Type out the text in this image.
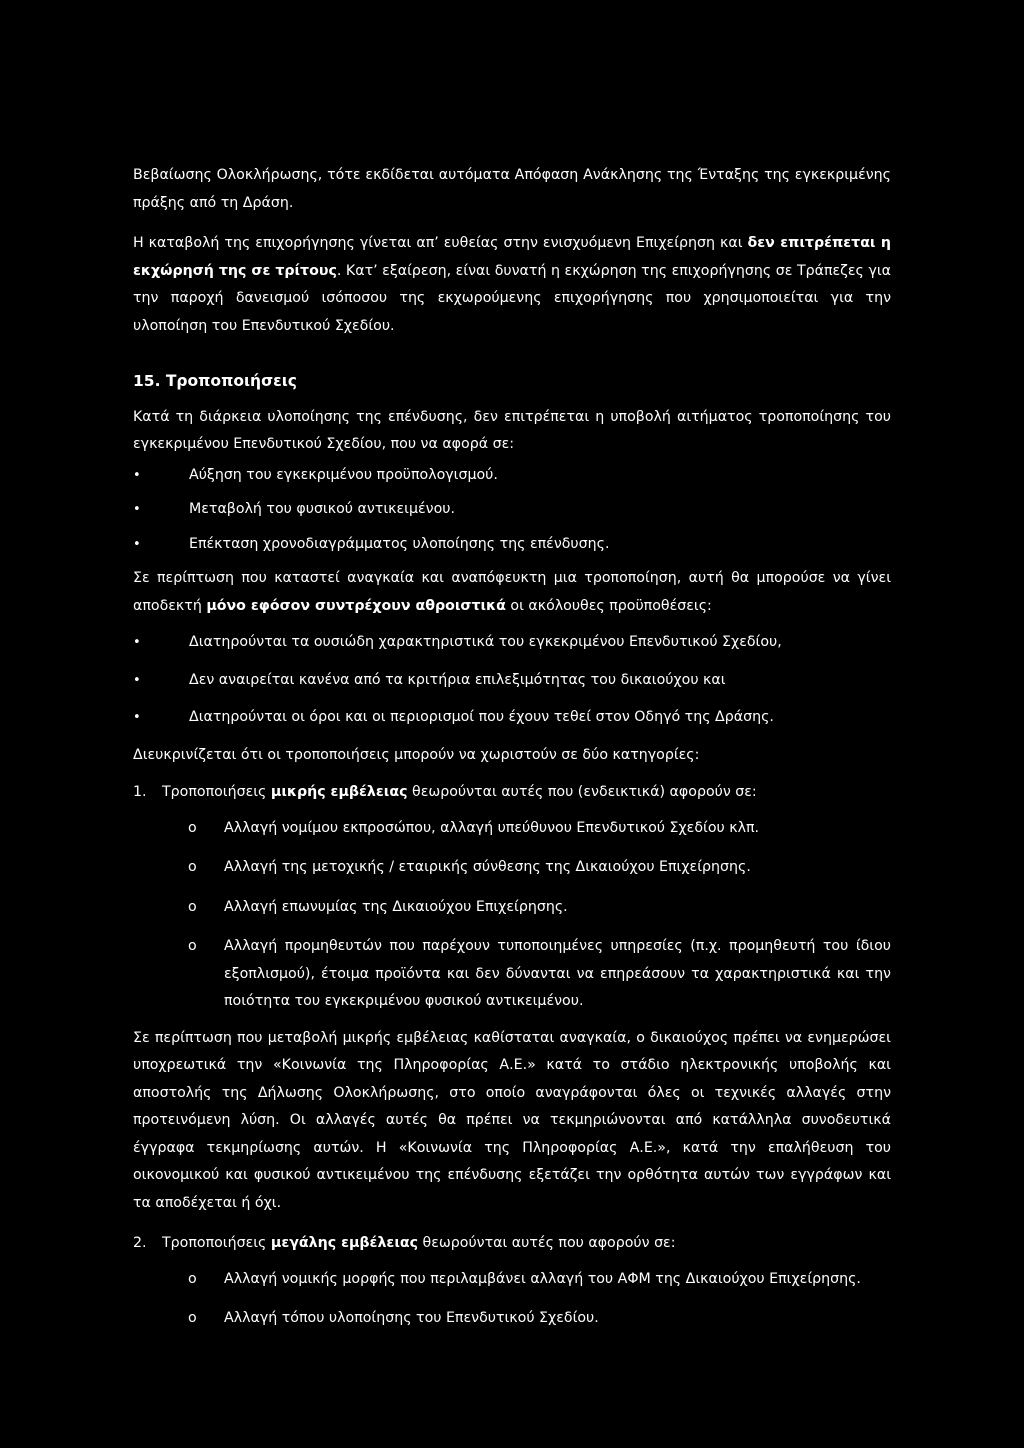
Βεβαίωσης Ολοκλήρωσης, τότε εκδίδεται αυτόματα Απόφαση Ανάκλησης της Ένταξης της εγκεκριμένης πράξης από τη Δράση.

Η καταβολή της επιχορήγησης γίνεται απ’ ευθείας στην ενισχυόμενη Επιχείρηση και δεν επιτρέπεται η εκχώρησή της σε τρίτους. Κατ’ εξαίρεση, είναι δυνατή η εκχώρηση της επιχορήγησης σε Τράπεζες για την παροχή δανεισμού ισόποσου της εκχωρούμενης επιχορήγησης που χρησιμοποιείται για την υλοποίηση του Επενδυτικού Σχεδίου.

15. Τροποποιήσεις

Κατά τη διάρκεια υλοποίησης της επένδυσης, δεν επιτρέπεται η υποβολή αιτήματος τροποποίησης του εγκεκριμένου Επενδυτικού Σχεδίου, που να αφορά σε:

• Αύξηση του εγκεκριμένου προϋπολογισμού.
• Μεταβολή του φυσικού αντικειμένου.
• Επέκταση χρονοδιαγράμματος υλοποίησης της επένδυσης.

Σε περίπτωση που καταστεί αναγκαία και αναπόφευκτη μια τροποποίηση, αυτή θα μπορούσε να γίνει αποδεκτή μόνο εφόσον συντρέχουν αθροιστικά οι ακόλουθες προϋποθέσεις:

• Διατηρούνται τα ουσιώδη χαρακτηριστικά του εγκεκριμένου Επενδυτικού Σχεδίου,
• Δεν αναιρείται κανένα από τα κριτήρια επιλεξιμότητας του δικαιούχου και
• Διατηρούνται οι όροι και οι περιορισμοί που έχουν τεθεί στον Οδηγό της Δράσης.

Διευκρινίζεται ότι οι τροποποιήσεις μπορούν να χωριστούν σε δύο κατηγορίες:

1. Τροποποιήσεις μικρής εμβέλειας θεωρούνται αυτές που (ενδεικτικά) αφορούν σε:
o Αλλαγή νομίμου εκπροσώπου, αλλαγή υπεύθυνου Επενδυτικού Σχεδίου κλπ.
o Αλλαγή της μετοχικής / εταιρικής σύνθεσης της Δικαιούχου Επιχείρησης.
o Αλλαγή επωνυμίας της Δικαιούχου Επιχείρησης.
o Αλλαγή προμηθευτών που παρέχουν τυποποιημένες υπηρεσίες (π.χ. προμηθευτή του ίδιου εξοπλισμού), έτοιμα προϊόντα και δεν δύνανται να επηρεάσουν τα χαρακτηριστικά και την ποιότητα του εγκεκριμένου φυσικού αντικειμένου.

Σε περίπτωση που μεταβολή μικρής εμβέλειας καθίσταται αναγκαία, ο δικαιούχος πρέπει να ενημερώσει υποχρεωτικά την «Κοινωνία της Πληροφορίας Α.Ε.» κατά το στάδιο ηλεκτρονικής υποβολής και αποστολής της Δήλωσης Ολοκλήρωσης, στο οποίο αναγράφονται όλες οι τεχνικές αλλαγές στην προτεινόμενη λύση. Οι αλλαγές αυτές θα πρέπει να τεκμηριώνονται από κατάλληλα συνοδευτικά έγγραφα τεκμηρίωσης αυτών. Η «Κοινωνία της Πληροφορίας Α.Ε.», κατά την επαλήθευση του οικονομικού και φυσικού αντικειμένου της επένδυσης εξετάζει την ορθότητα αυτών των εγγράφων και τα αποδέχεται ή όχι.

2. Τροποποιήσεις μεγάλης εμβέλειας θεωρούνται αυτές που αφορούν σε:
o Αλλαγή νομικής μορφής που περιλαμβάνει αλλαγή του ΑΦΜ της Δικαιούχου Επιχείρησης.
o Αλλαγή τόπου υλοποίησης του Επενδυτικού Σχεδίου.
